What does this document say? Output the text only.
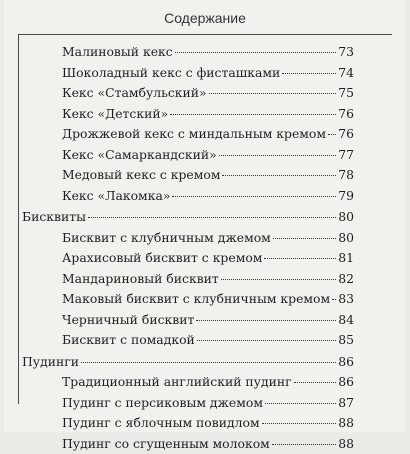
Содержание
Малиновый кекс	73
Шоколадный кекс с фисташками	74
Кекс «Стамбульский»	75
Кекс «Детский»	76
Дрожжевой кекс с миндальным кремом 76
Кекс «Самаркандский»	77
Медовый кекс с кремом	78
Кекс «Лакомка»	79
Бисквиты	80
Бисквит с клубничным джемом	80
Арахисовый бисквит с кремом	81
Мандариновый бисквит	82
Маковый бисквит с клубничным кремом 83
Черничный бисквит	84
Бисквит с помадкой	85
Пудинги	86
Традиционный английский пудинг	86
Пудинг с персиковым джемом	87
Пудинг с яблочным повидлом	88
Пудинг со сгущенным молоком	88
